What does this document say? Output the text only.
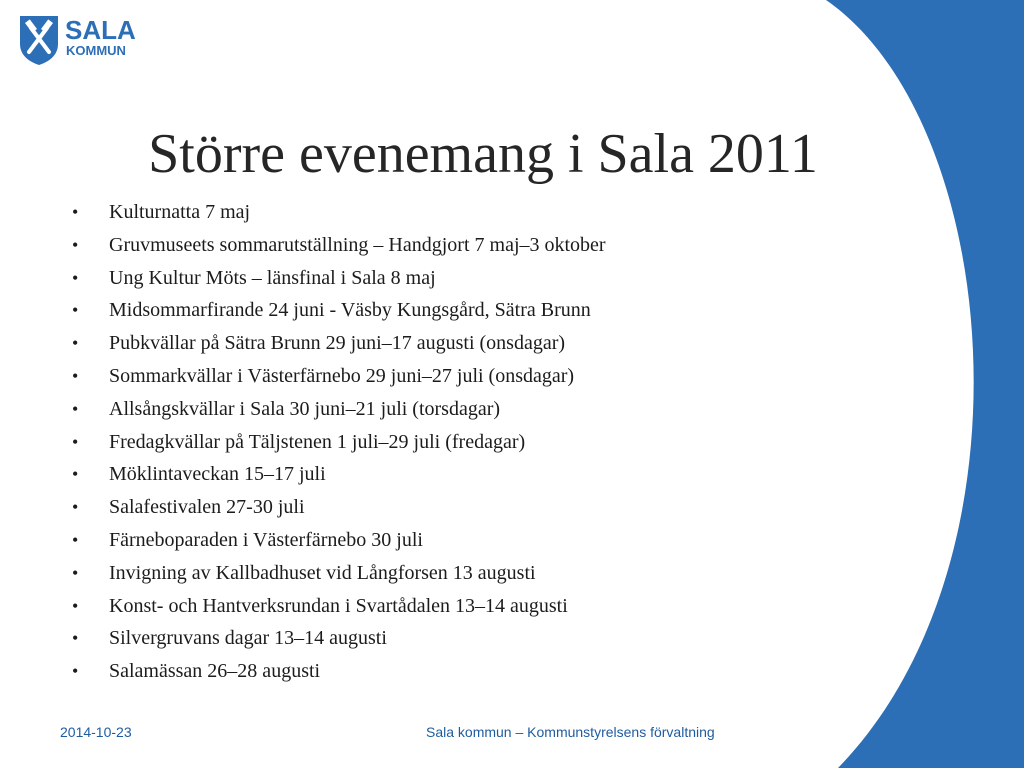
SALA
KOMMUN
Större evenemang i Sala 2011
• Kulturnatta 7 maj
• Gruvmuseets sommarutställning – Handgjort 7 maj–3 oktober
• Ung Kultur Möts – länsfinal i Sala 8 maj
• Midsommarfirande 24 juni - Väsby Kungsgård, Sätra Brunn
• Pubkvällar på Sätra Brunn 29 juni–17 augusti (onsdagar)
• Sommarkvällar i Västerfärnebo 29 juni–27 juli (onsdagar)
• Allsångskvällar i Sala 30 juni–21 juli (torsdagar)
• Fredagkvällar på Täljstenen 1 juli–29 juli (fredagar)
• Möklintaveckan 15–17 juli
• Salafestivalen 27-30 juli
• Färneboparaden i Västerfärnebo 30 juli
• Invigning av Kallbadhuset vid Långforsen 13 augusti
• Konst- och Hantverksrundan i Svartådalen 13–14 augusti
• Silvergruvans dagar 13–14 augusti
• Salamässan 26–28 augusti
2014-10-23	Sala kommun – Kommunstyrelsens förvaltning
